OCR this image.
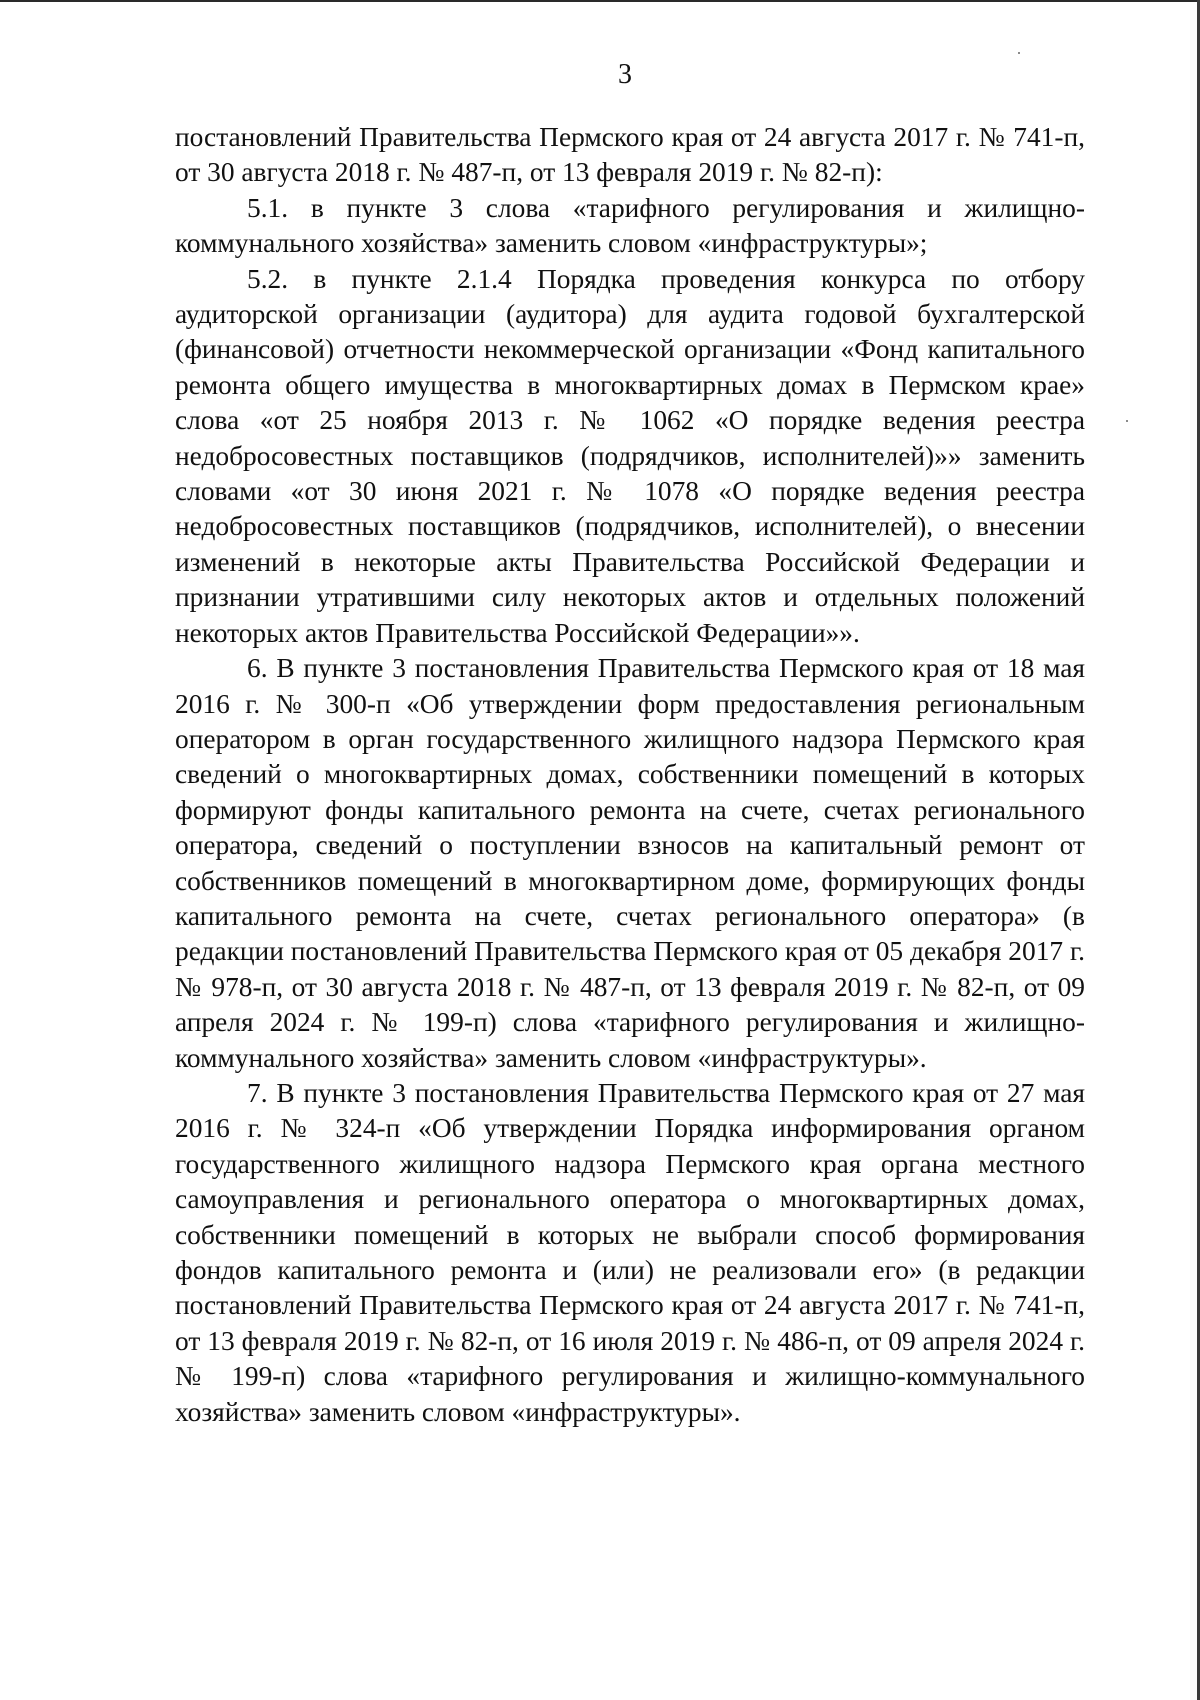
3

постановлений Правительства Пермского края от 24 августа 2017 г. № 741-п, от 30 августа 2018 г. № 487-п, от 13 февраля 2019 г. № 82-п):

5.1. в пункте 3 слова «тарифного регулирования и жилищно-коммунального хозяйства» заменить словом «инфраструктуры»;

5.2. в пункте 2.1.4 Порядка проведения конкурса по отбору аудиторской организации (аудитора) для аудита годовой бухгалтерской (финансовой) отчетности некоммерческой организации «Фонд капитального ремонта общего имущества в многоквартирных домах в Пермском крае» слова «от 25 ноября 2013 г. № 1062 «О порядке ведения реестра недобросовестных поставщиков (подрядчиков, исполнителей)»» заменить словами «от 30 июня 2021 г. № 1078 «О порядке ведения реестра недобросовестных поставщиков (подрядчиков, исполнителей), о внесении изменений в некоторые акты Правительства Российской Федерации и признании утратившими силу некоторых актов и отдельных положений некоторых актов Правительства Российской Федерации»».

6. В пункте 3 постановления Правительства Пермского края от 18 мая 2016 г. № 300-п «Об утверждении форм предоставления региональным оператором в орган государственного жилищного надзора Пермского края сведений о многоквартирных домах, собственники помещений в которых формируют фонды капитального ремонта на счете, счетах регионального оператора, сведений о поступлении взносов на капитальный ремонт от собственников помещений в многоквартирном доме, формирующих фонды капитального ремонта на счете, счетах регионального оператора» (в редакции постановлений Правительства Пермского края от 05 декабря 2017 г. № 978-п, от 30 августа 2018 г. № 487-п, от 13 февраля 2019 г. № 82-п, от 09 апреля 2024 г. № 199-п) слова «тарифного регулирования и жилищно-коммунального хозяйства» заменить словом «инфраструктуры».

7. В пункте 3 постановления Правительства Пермского края от 27 мая 2016 г. № 324-п «Об утверждении Порядка информирования органом государственного жилищного надзора Пермского края органа местного самоуправления и регионального оператора о многоквартирных домах, собственники помещений в которых не выбрали способ формирования фондов капитального ремонта и (или) не реализовали его» (в редакции постановлений Правительства Пермского края от 24 августа 2017 г. № 741-п, от 13 февраля 2019 г. № 82-п, от 16 июля 2019 г. № 486-п, от 09 апреля 2024 г. № 199-п) слова «тарифного регулирования и жилищно-коммунального хозяйства» заменить словом «инфраструктуры».
